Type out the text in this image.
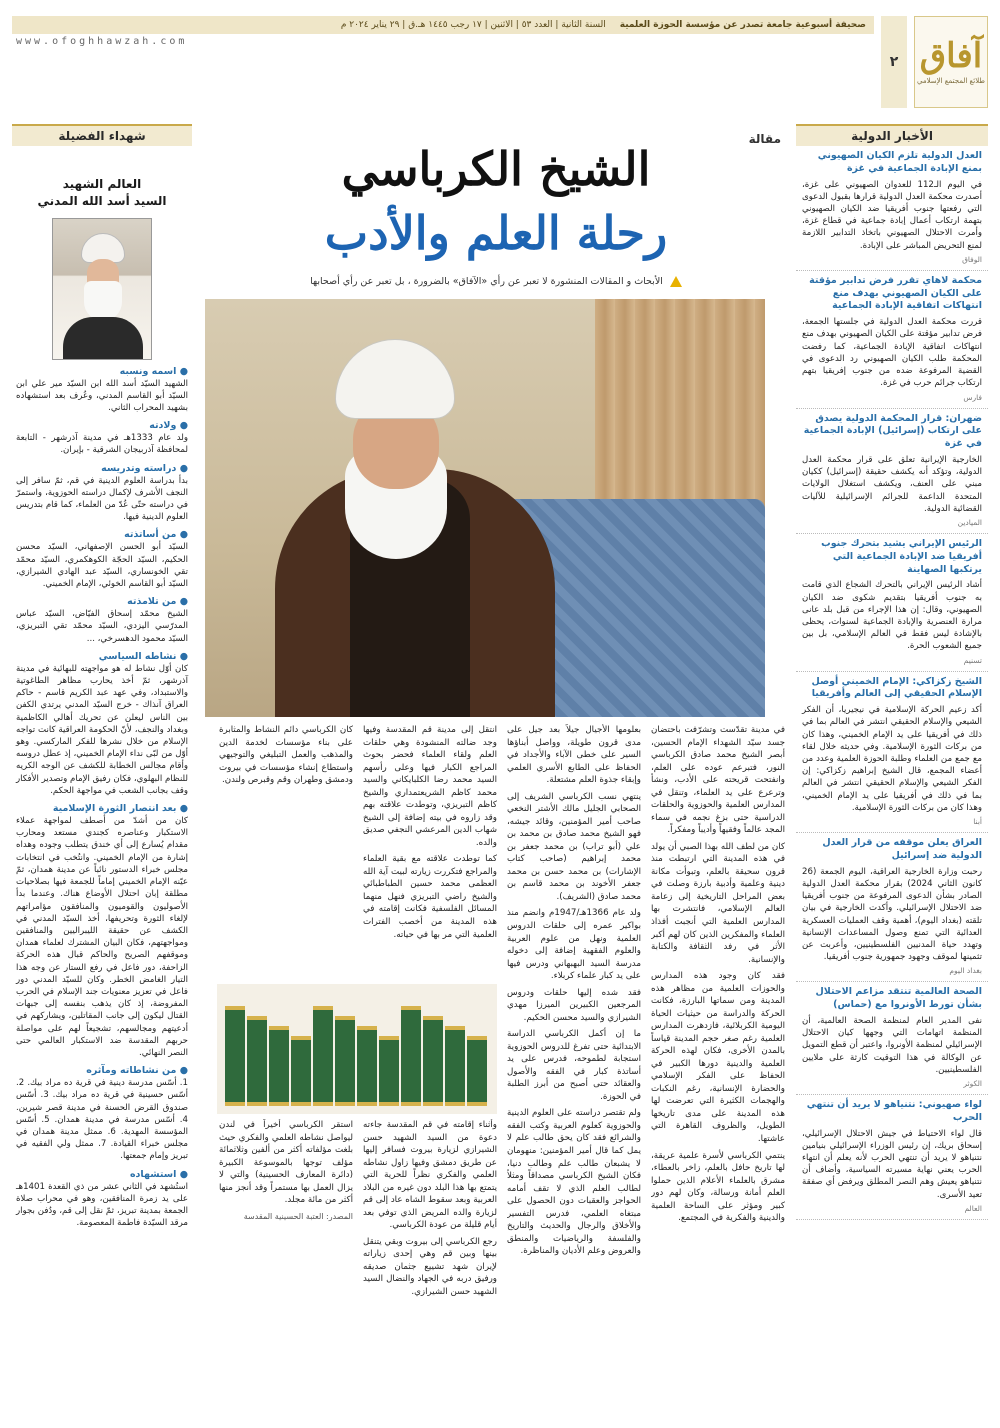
آفاق
طلائع المجتمع الإسلامي
٢
صحيفة أسبوعية جامعة تصدر عن مؤسسة الحوزة العلمية
السنة الثانية | العدد ٥٣ | الاثنين | ١٧ رجب ١٤٤٥ هـ.ق | ٢٩ يناير ٢٠٢٤ م
www.ofoghhawzah.com
الأخبار الدولية
العدل الدولية تلزم الكيان الصهيوني بمنع الإبادة الجماعية في غزة
في اليوم الـ112 للعدوان الصهيوني على غزة، أصدرت محكمة العدل الدولية قرارها بقبول الدعوى التي رفعتها جنوب أفريقيا ضد الكيان الصهيوني بتهمة ارتكاب أعمال إبادة جماعية في قطاع غزة، وأمرت الاحتلال الصهيوني باتخاذ التدابير اللازمة لمنع التحريض المباشر على الإبادة.
الوفاق
محكمة لاهاي تقرر فرض تدابير مؤقتة على الكيان الصهيوني بهدف منع انتهاكات اتفاقية الإبادة الجماعية
قررت محكمة العدل الدولية في جلستها الجمعة، فرض تدابير مؤقتة على الكيان الصهيوني بهدف منع انتهاكات اتفاقية الإبادة الجماعية، كما رفضت المحكمة طلب الكيان الصهيوني رد الدعوى في القضية المرفوعة ضده من جنوب إفريقيا بتهم ارتكاب جرائم حرب في غزة.
فارس
ضهران: قرار المحكمة الدولية يصدق على ارتكاب (إسرائيل) الإبادة الجماعية في غزة
الخارجية الإيرانية تعلق على قرار محكمة العدل الدولية، وتؤكد أنه يكشف حقيقة (إسرائيل) ككيان مبني على العنف، ويكشف استغلال الولايات المتحدة الداعمة للجرائم الإسرائيلية للآليات القضائية الدولية.
الميادين
الرئيس الإيراني يشيد بتحرك جنوب أفريقيا ضد الإبادة الجماعية التي يرتكبها الصهاينة
أشاد الرئيس الإيراني بالتحرك الشجاع الذي قامت به جنوب أفريقيا بتقديم شكوى ضد الكيان الصهيوني، وقال: إن هذا الإجراء من قبل بلد عانى مرارة العنصرية والإبادة الجماعية لسنوات، يحظى بالإشادة ليس فقط في العالم الإسلامي، بل بين جميع الشعوب الحرة.
تسنيم
الشيخ زكزاكي: الإمام الخميني أوصل الإسلام الحقيقي إلى العالم وأفريقيا
أكد زعيم الحركة الإسلامية في نيجيريا، أن الفكر الشيعي والإسلام الحقيقي انتشر في العالم بما في ذلك في أفريقيا على يد الإمام الخميني، وهذا كان من بركات الثورة الإسلامية. وفي حديثه خلال لقاء مع جمع من العلماء وطلبة الحوزة العلمية وعدد من أعضاء المجمع، قال الشيخ إبراهيم زكزاكي: إن الفكر الشيعي والإسلام الحقيقي انتشر في العالم بما في ذلك في أفريقيا على يد الإمام الخميني، وهذا كان من بركات الثورة الإسلامية.
أبنا
العراق يعلن موقفه من قرار العدل الدولية ضد إسرائيل
رحبت وزارة الخارجية العراقية، اليوم الجمعة (26 كانون الثاني 2024) بقرار محكمة العدل الدولية الصادر بشأن الدعوى المرفوعة من جنوب أفريقيا ضد الاحتلال الإسرائيلي. وأكدت الخارجية في بيان تلقته (بغداد اليوم)، أهمية وقف العمليات العسكرية العدائية التي تمنع وصول المساعدات الإنسانية وتهدد حياة المدنيين الفلسطينيين، وأعربت عن تثمينها لموقف وجهود جمهورية جنوب أفريقيا.
بغداد اليوم
الصحة العالمية تنتقد مزاعم الاحتلال بشأن تورط الأونروا مع (حماس)
نفى المدير العام لمنظمة الصحة العالمية، أن المنظمة اتهامات التي وجهها كيان الاحتلال الإسرائيلي لمنظمة الأونروا، واعتبر أن قطع التمويل عن الوكالة في هذا التوقيت كارثة على ملايين الفلسطينيين.
الكوثر
لواء صهيوني: نتنياهو لا يريد أن تنتهي الحرب
قال لواء الاحتياط في جيش الاحتلال الإسرائيلي، إسحاق بريك، إن رئيس الوزراء الإسرائيلي بنيامين نتنياهو لا يريد أن تنتهي الحرب لأنه يعلم أن انتهاء الحرب يعني نهاية مسيرته السياسية، وأضاف أن نتنياهو يعيش وهم النصر المطلق ويرفض أي صفقة تعيد الأسرى.
العالم
شهداء الفضيلة
العالم الشهيد
السيد أسد الله المدني
● اسمه ونسبه
الشهيد السيّد أسد الله ابن السيّد مير علي ابن السيّد أبو القاسم المدني، وعُرف بعد استشهاده بشهيد المحراب الثاني.
● ولادته
ولد عام 1333هـ في مدينة آذرشهر - التابعة لمحافظة آذربيجان الشرقية - بإيران.
● دراسته وتدريسه
بدأ بدراسة العلوم الدينية في قم، ثمّ سافر إلى النجف الأشرف لإكمال دراسته الحوزوية، واستمرّ في دراسته حتّى عُدّ من العلماء، كما قام بتدريس العلوم الدينية فيها.
● من أساتذته
السيّد أبو الحسن الإصفهاني، السيّد محسن الحكيم، السيّد الحجّة الكوهكمري، السيّد محمّد تقي الخونساري، السيّد عبد الهادي الشيرازي، السيّد أبو القاسم الخوئي، الإمام الخميني.
● من تلامذته
الشيخ محمّد إسحاق الفيّاض، السيّد عباس المدرّسي اليزدي، السيّد محمّد تقي التبريزي، السيّد محمود الدهسرخي، ...
● نشاطه السياسي
كان أوّل نشاط له هو مواجهته للبهائية في مدينة آذرشهر، ثمّ أخذ يحارب مظاهر الطاغوتية والاستبداد، وفي عهد عبد الكريم قاسم - حاكم العراق آنذاك - خرج السيّد المدني يرتدي الكفن بين الناس ليعلن عن تحريك أهالي الكاظمية وبغداد والنجف، لأنّ الحكومة العراقية كانت تواجه الإسلام من خلال نشرها للفكر الماركسي. وهو أوّل من لبّى نداء الإمام الخميني، إذ عطل دروسه وأقام مجالس الخطابة للكشف عن الوجه الكريه للنظام البهلوي، فكان رفيق الإمام وتصدير الأفكار وقف بجانب الشعب في مواجهة الحكم.
● بعد انتصار الثورة الإسلامية
كان من أشدّ من أصطف لمواجهة عملاء الاستكبار وعناصره كجندي مستعد ومحارب مقدام يُسارع إلى أي خندق يتطلب وجوده وهداه إشارة من الإمام الخميني. وانتُخب في انتخابات مجلس خبراء الدستور نائباً عن مدينة همدان، ثمّ عيّنه الإمام الخميني إماماً للجمعة فيها بصلاحيات مطلقة إبان احتلال الأوضاع هناك. وعندما بدأ الأصوليون والقوميون والمنافقون مؤامراتهم لإلغاء الثورة وتحريفها، أخذ السيّد المدني في الكشف عن حقيقة الليبراليين والمنافقين ومواجهتهم، فكان البيان المشترك لعلماء همدان وموقفهم الصريح والحاكم قبال هذه الحركة الزاحفة، دور فاعل في رفع الستار عن وجه هذا التيار الغامض الخطر. وكان للسيّد المدني دور فاعل في تعزيز معنويات جند الإسلام في الحرب المفروضة، إذ كان يذهب بنفسه إلى جبهات القتال ليكون إلى جانب المقاتلين، ويشاركهم في أدعيتهم ومجالسهم، تشجيعاً لهم على مواصلة حربهم المقدسة ضد الاستكبار العالمي حتى النصر النهائي.
● من نشاطاته ومآثره
1. أسّس مدرسة دينية في قرية ده مراد بيك. 2. أسّس حسينية في قرية ده مراد بيك. 3. أسّس صندوق القرض الحسنة في مدينة قصر شيرين. 4. أسّس مدرسة في مدينة همدان. 5. أسّس المؤسسة المهدية. 6. ممثل مدينة همدان في مجلس خبراء القيادة. 7. ممثل ولي الفقيه في تبريز وإمام جمعتها.
● استشهاده
استُشهد في الثاني عشر من ذي القعدة 1401هـ على يد زمرة المنافقين، وهو في محراب صلاة الجمعة بمدينة تبريز، ثمّ نقل إلى قم، ودُفن بجوار مرقد السيّدة فاطمة المعصومة.
مقالة
الشيخ الكرباسي
رحلة العلم والأدب
الأبحاث و المقالات المنشورة لا تعبر عن رأي «الآفاق» بالضرورة ، بل تعبر عن رأي أصحابها

في مدينة تقدّست وتشرّفت باحتضان جسد سيّد الشهداء الإمام الحسين، أبصر الشيخ محمد صادق الكرباسي النور، فتبرعم عوده على العلم، وانفتحت قريحته على الأدب، ونشأ وترعرع على يد العلماء، وتنقل في المدارس العلمية والحوزوية والحلقات الدراسية حتى بزغ نجمه في سماء المجد عالماً وفقيهاً وأديباً ومفكراً.

كان من لطف الله بهذا الصبي أن يولد في هذه المدينة التي ارتبطت منذ قرون سحيقة بالعلم، وتبوأت مكانة دينية وعلمية وأدبية بارزة وصلت في بعض المراحل التاريخية إلى زعامة العالم الإسلامي، فانتشرت بها المدارس العلمية التي أنجبت أفذاذ العلماء والمفكرين الذين كان لهم أكبر الأثر في رفد الثقافة والكتابة والإنسانية.

فقد كان وجود هذه المدارس والحوزات العلمية من مظاهر هذه المدينة ومن سماتها البارزة، فكانت الحركة والدراسة من حيثيات الحياة اليومية الكربلائية، فازدهرت المدارس العلمية رغم صغر حجم المدينة قياساً بالمدن الأخرى، فكان لهذه الحركة العلمية والدينية دورها الكبير في الحفاظ على الفكر الإسلامي والحضارة الإنسانية، رغم النكبات والهجمات الكثيرة التي تعرضت لها هذه المدينة على مدى تاريخها الطويل، والظروف القاهرة التي عاشتها.

ينتمي الكرباسي لأسرة علمية عريقة، لها تاريخ حافل بالعلم، زاخر بالعطاء، مشرق بالعلماء الأعلام الذين حملوا العلم أمانة ورسالة، وكان لهم دور كبير ومؤثر على الساحة العلمية والدينية والفكرية في المجتمع.

بعلومها الأجيال جيلاً بعد جيل على مدى قرون طويلة، وواصل أبناؤها السير على خطى الآباء والأجداد في الحفاظ على الطابع الأسري العلمي وإبقاء جذوة العلم مشتعلة.

ينتهي نسب الكرباسي الشريف إلى الصحابي الجليل مالك الأشتر النخعي صاحب أمير المؤمنين، وقائد جيشه، فهو الشيخ محمد صادق بن محمد بن علي (أبو تراب) بن محمد جعفر بن محمد إبراهيم (صاحب كتاب الإشارات) بن محمد حسن بن محمد جعفر الأخوند بن محمد قاسم بن محمد صادق (الشريف).

ولد عام 1366هـ/1947م وانضم منذ بواكير عمره إلى حلقات الدروس العلمية ونهل من علوم العربية والعلوم الفقهية إضافة إلى دخوله مدرسة السيد البهبهاني ودرس فيها على يد كبار علماء كربلاء.

فقد شده إليها حلقات ودروس المرجعين الكبيرين الميرزا مهدي الشيرازي والسيد محسن الحكيم.

ما إن أكمل الكرباسي الدراسة الابتدائية حتى تفرغ للدروس الحوزوية استجابة لطموحه، فدرس على يد أساتذة كبار في الفقه والأصول والعقائد حتى أصبح من أبرز الطلبة في الحوزة.

ولم تقتصر دراسته على العلوم الدينية والحوزوية كعلوم العربية وكتب الفقه والشرائع فقد كان يحق طالب علم لا يمل كما قال أمير المؤمنين: منهومان لا يشبعان طالب علم وطالب دنيا، فكان الشيخ الكرباسي مصداقاً ومثلاً لطالب العلم الذي لا تقف أمامه الحواجز والعقبات دون الحصول على مبتغاه العلمي، فدرس التفسير والأخلاق والرجال والحديث والتاريخ والفلسفة والرياضيات والمنطق والعروض وعلم الأديان والمناظرة.

انتقل إلى مدينة قم المقدسة وفيها وجد ضالته المنشودة وهي حلقات العلم ولقاء العلماء فحضر بحوث المراجع الكبار فيها وعلى رأسهم السيد محمد رضا الكلبايكاني والسيد محمد كاظم الشريعتمداري والشيخ كاظم التبريزي، وتوطدت علاقته بهم وقد زاروه في بيته إضافة إلى الشيخ شهاب الدين المرعشي النجفي صديق والده.

كما توطدت علاقته مع بقية العلماء والمراجع فتكررت زيارته لبيت آية الله العظمى محمد حسين الطباطبائي والشيخ راضي التبريزي فنهل منهما المسائل الفلسفية فكانت إقامته في هذه المدينة من أخصب الفترات العلمية التي مر بها في حياته.

كان الكرباسي دائم النشاط والمثابرة على بناء مؤسسات لخدمة الدين والمذهب والعمل التبليغي والتوجيهي واستطاع إنشاء مؤسسات في بيروت ودمشق وطهران وقم وقبرص ولندن.

وأثناء إقامته في قم المقدسة جاءته دعوة من السيد الشهيد حسن الشيرازي لزيارة بيروت فسافر إليها عن طريق دمشق وفيها زاول نشاطه العلمي والفكري نظراً للحرية التي يتمتع بها هذا البلد دون غيره من البلاد العربية وبعد سقوط الشاه عاد إلى قم لزيارة والده المريض الذي توفي بعد أيام قليلة من عودة الكرباسي.

رجع الكرباسي إلى بيروت وبقي يتنقل بينها وبين قم وهي إحدى زياراته لإيران شهد تشييع جثمان صديقه ورفيق دربه في الجهاد والنضال السيد الشهيد حسن الشيرازي.

استقر الكرباسي أخيراً في لندن ليواصل نشاطه العلمي والفكري حيث بلغت مؤلفاته أكثر من ألفين وثلاثمائة مؤلف توجها بالموسوعة الكبيرة (دائرة المعارف الحسينية) والتي لا يزال العمل بها مستمراً وقد أنجز منها أكثر من مائة مجلد.

المصدر: العتبة الحسينية المقدسة
